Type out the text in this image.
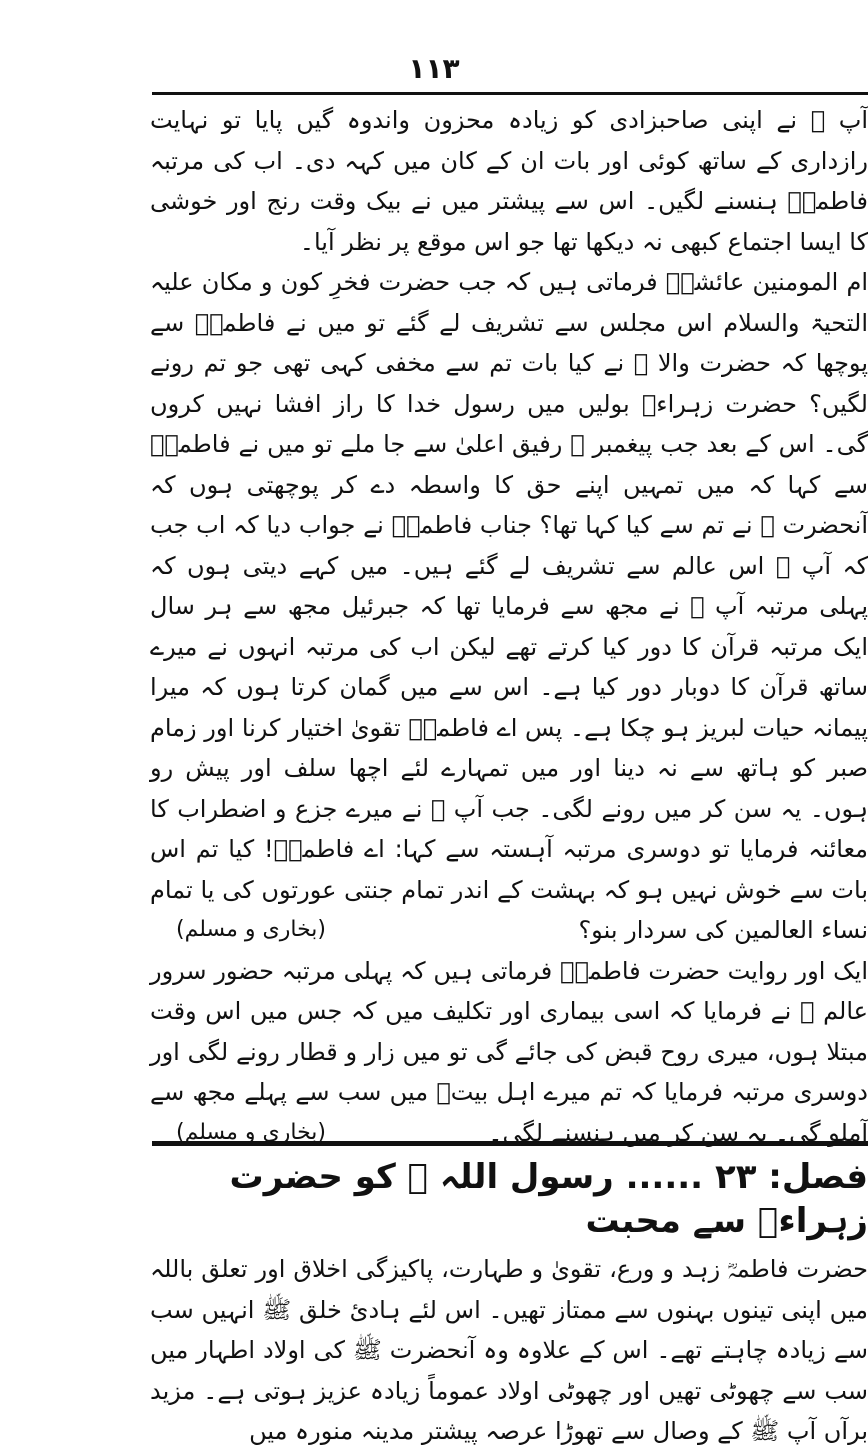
۱۱۳

آپ ﷺ نے اپنی صاحبزادی کو زیادہ محزون واندوہ گیں پایا تو نہایت رازداری کے ساتھ کوئی اور بات ان کے کان میں کہہ دی۔ اب کی مرتبہ فاطمہؓ ہنسنے لگیں۔ اس سے پیشتر میں نے بیک وقت رنج اور خوشی کا ایسا اجتماع کبھی نہ دیکھا تھا جو اس موقع پر نظر آیا۔

ام المومنین عائشہؓ فرماتی ہیں کہ جب حضرت فخرِ کون و مکان علیہ التحیۃ والسلام اس مجلس سے تشریف لے گئے تو میں نے فاطمہؓ سے پوچھا کہ حضرت والا ﷺ نے کیا بات تم سے مخفی کہی تھی جو تم رونے لگیں؟ حضرت زہراءؓ بولیں میں رسول خدا کا راز افشا نہیں کروں گی۔ اس کے بعد جب پیغمبر ﷺ رفیق اعلیٰ سے جا ملے تو میں نے فاطمہؓ سے کہا کہ میں تمہیں اپنے حق کا واسطہ دے کر پوچھتی ہوں کہ آنحضرت ﷺ نے تم سے کیا کہا تھا؟ جناب فاطمہؓ نے جواب دیا کہ اب جب کہ آپ ﷺ اس عالم سے تشریف لے گئے ہیں۔ میں کہے دیتی ہوں کہ پہلی مرتبہ آپ ﷺ نے مجھ سے فرمایا تھا کہ جبرئیل مجھ سے ہر سال ایک مرتبہ قرآن کا دور کیا کرتے تھے لیکن اب کی مرتبہ انہوں نے میرے ساتھ قرآن کا دوبار دور کیا ہے۔ اس سے میں گمان کرتا ہوں کہ میرا پیمانہ حیات لبریز ہو چکا ہے۔ پس اے فاطمہؓ تقویٰ اختیار کرنا اور زمام صبر کو ہاتھ سے نہ دینا اور میں تمہارے لئے اچھا سلف اور پیش رو ہوں۔ یہ سن کر میں رونے لگی۔ جب آپ ﷺ نے میرے جزع و اضطراب کا معائنہ فرمایا تو دوسری مرتبہ آہستہ سے کہا: اے فاطمہؓ! کیا تم اس بات سے خوش نہیں ہو کہ بہشت کے اندر تمام جنتی عورتوں کی یا تمام نساء العالمین کی سردار بنو؟
(بخاری و مسلم)

ایک اور روایت حضرت فاطمہؓ فرماتی ہیں کہ پہلی مرتبہ حضور سرور عالم ﷺ نے فرمایا کہ اسی بیماری اور تکلیف میں کہ جس میں اس وقت مبتلا ہوں، میری روح قبض کی جائے گی تو میں زار و قطار رونے لگی اور دوسری مرتبہ فرمایا کہ تم میرے اہل بیتؓ میں سب سے پہلے مجھ سے آملو گی۔ یہ سن کر میں ہنسنے لگی۔
(بخاری و مسلم)

فصل: ۲۳ ...... رسول اللہ ﷺ کو حضرت زہراءؓ سے محبت

حضرت فاطمہؓ زہد و ورع، تقویٰ و طہارت، پاکیزگی اخلاق اور تعلق باللہ میں اپنی تینوں بہنوں سے ممتاز تھیں۔ اس لئے ہادیٔ خلق ﷺ انہیں سب سے زیادہ چاہتے تھے۔ اس کے علاوہ وہ آنحضرت ﷺ کی اولاد اطہار میں سب سے چھوٹی تھیں اور چھوٹی اولاد عموماً زیادہ عزیز ہوتی ہے۔ مزید برآں آپ ﷺ کے وصال سے تھوڑا عرصہ پیشتر مدینہ منورہ میں
